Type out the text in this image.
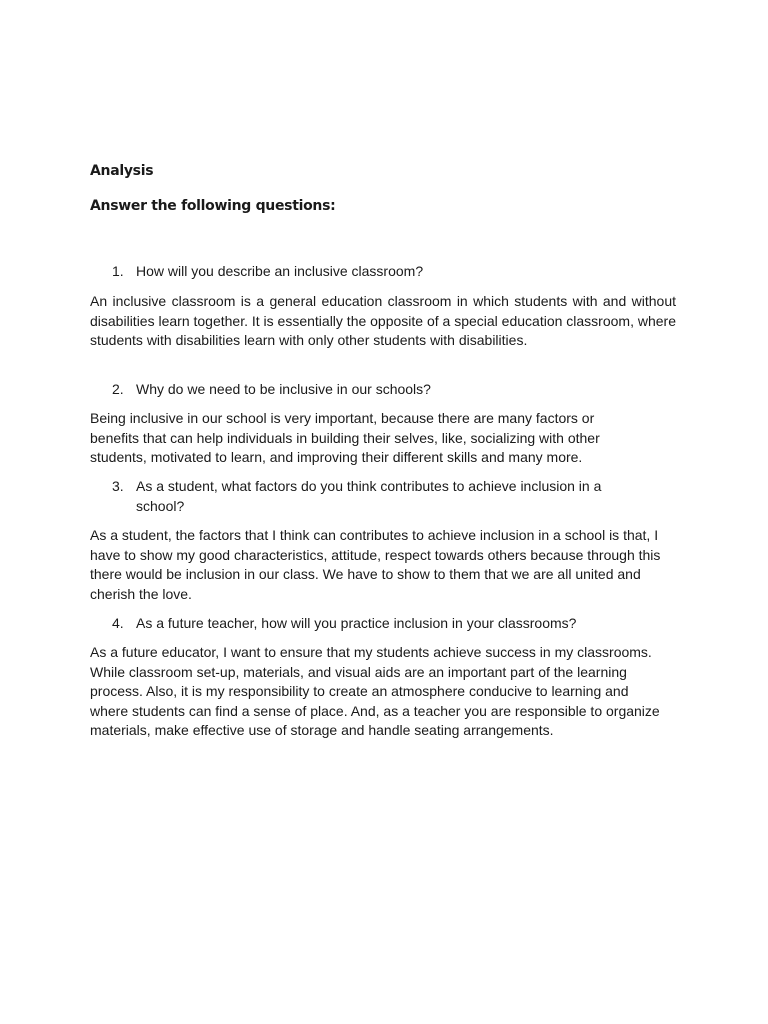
Analysis
Answer the following questions:
1. How will you describe an inclusive classroom?

An inclusive classroom is a general education classroom in which students with and without disabilities learn together. It is essentially the opposite of a special education classroom, where students with disabilities learn with only other students with disabilities.

2. Why do we need to be inclusive in our schools?

Being inclusive in our school is very important, because there are many factors or benefits that can help individuals in building their selves, like, socializing with other students, motivated to learn, and improving their different skills and many more.

3. As a student, what factors do you think contributes to achieve inclusion in a school?

As a student, the factors that I think can contributes to achieve inclusion in a school is that, I have to show my good characteristics, attitude, respect towards others because through this there would be inclusion in our class. We have to show to them that we are all united and cherish the love.

4. As a future teacher, how will you practice inclusion in your classrooms?

As a future educator, I want to ensure that my students achieve success in my classrooms. While classroom set-up, materials, and visual aids are an important part of the learning process. Also, it is my responsibility to create an atmosphere conducive to learning and where students can find a sense of place. And, as a teacher you are responsible to organize materials, make effective use of storage and handle seating arrangements.
